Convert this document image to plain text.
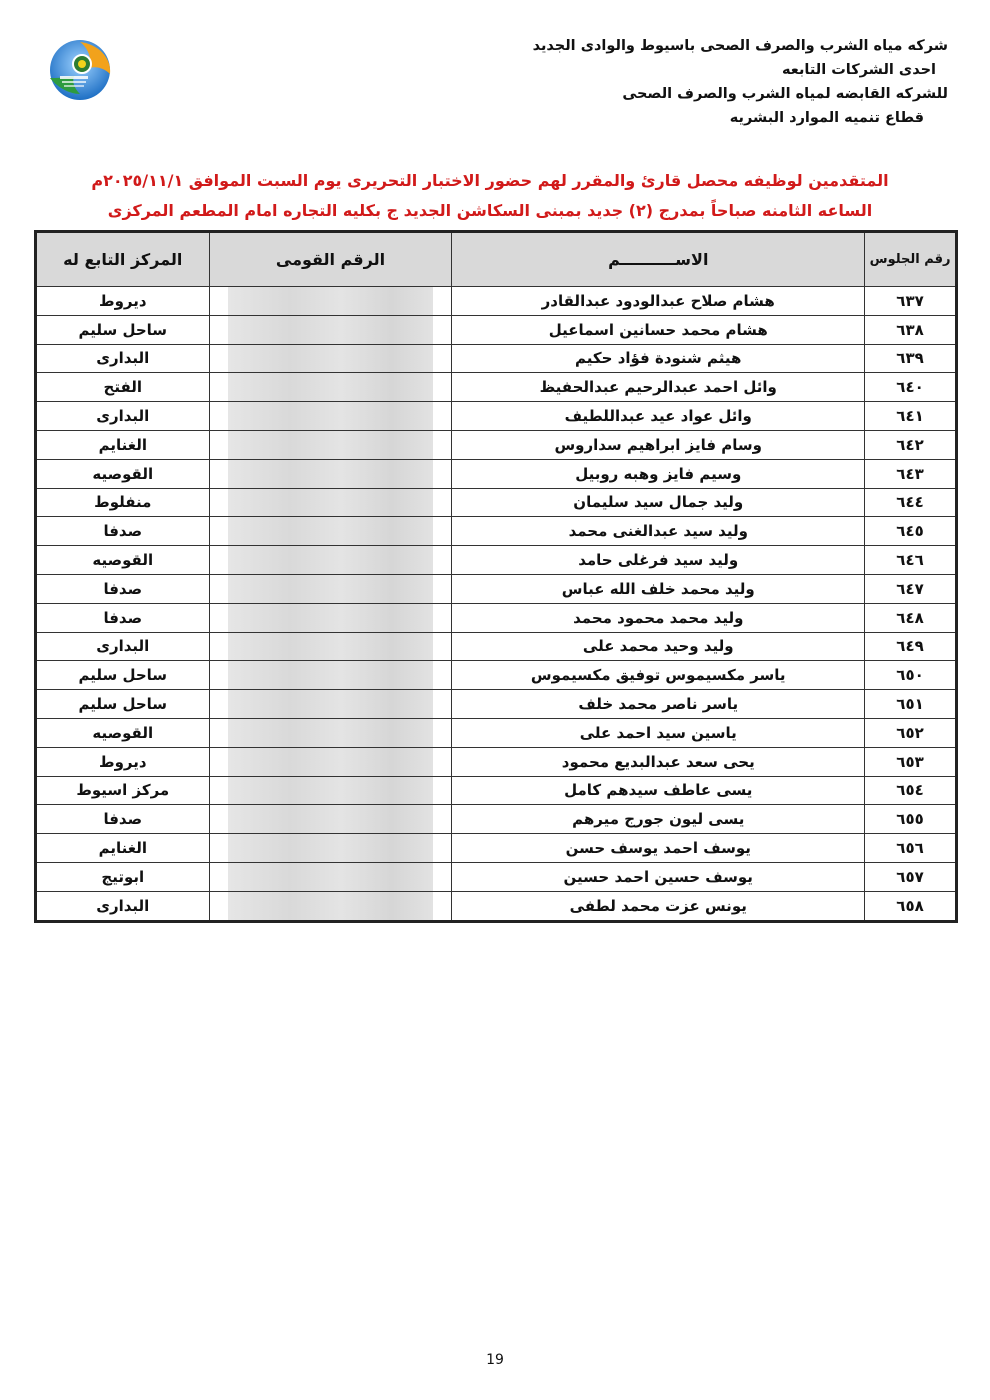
شركه مياه الشرب والصرف الصحى باسيوط والوادى الجديد
احدى الشركات التابعه
للشركه القابضه لمياه الشرب والصرف الصحى
قطاع تنميه الموارد البشريه
المتقدمين لوظيفه محصل قارئ والمقرر لهم حضور الاختبار التحريرى يوم السبت الموافق ٢٠٢٥/١١/١م
الساعه الثامنه صباحاً بمدرج (٢) جديد بمبنى السكاشن الجديد ج بكليه التجاره امام المطعم المركزى
رقم الجلوس	الاســــــــــم	الرقم القومى	المركز التابع له
٦٣٧	هشام صلاح عبدالودود عبدالقادر		ديروط
٦٣٨	هشام محمد حسانين اسماعيل		ساحل سليم
٦٣٩	هيثم شنودة فؤاد حكيم		البدارى
٦٤٠	وائل احمد عبدالرحيم عبدالحفيظ		الفتح
٦٤١	وائل عواد عيد عبداللطيف		البدارى
٦٤٢	وسام فايز ابراهيم سداروس		الغنايم
٦٤٣	وسيم فايز وهبه روبيل		القوصيه
٦٤٤	وليد جمال سيد سليمان		منفلوط
٦٤٥	وليد سيد عبدالغنى محمد		صدفا
٦٤٦	وليد سيد فرغلى حامد		القوصيه
٦٤٧	وليد محمد خلف الله عباس		صدفا
٦٤٨	وليد محمد محمود محمد		صدفا
٦٤٩	وليد وحيد محمد على		البدارى
٦٥٠	ياسر مكسيموس توفيق مكسيموس		ساحل سليم
٦٥١	ياسر ناصر محمد خلف		ساحل سليم
٦٥٢	ياسين سيد احمد على		القوصيه
٦٥٣	يحى سعد عبدالبديع محمود		ديروط
٦٥٤	يسى عاطف سيدهم كامل		مركز اسيوط
٦٥٥	يسى ليون جورج ميرهم		صدفا
٦٥٦	يوسف احمد يوسف حسن		الغنايم
٦٥٧	يوسف حسين احمد حسين		ابوتيج
٦٥٨	يونس عزت محمد لطفى		البدارى
19
